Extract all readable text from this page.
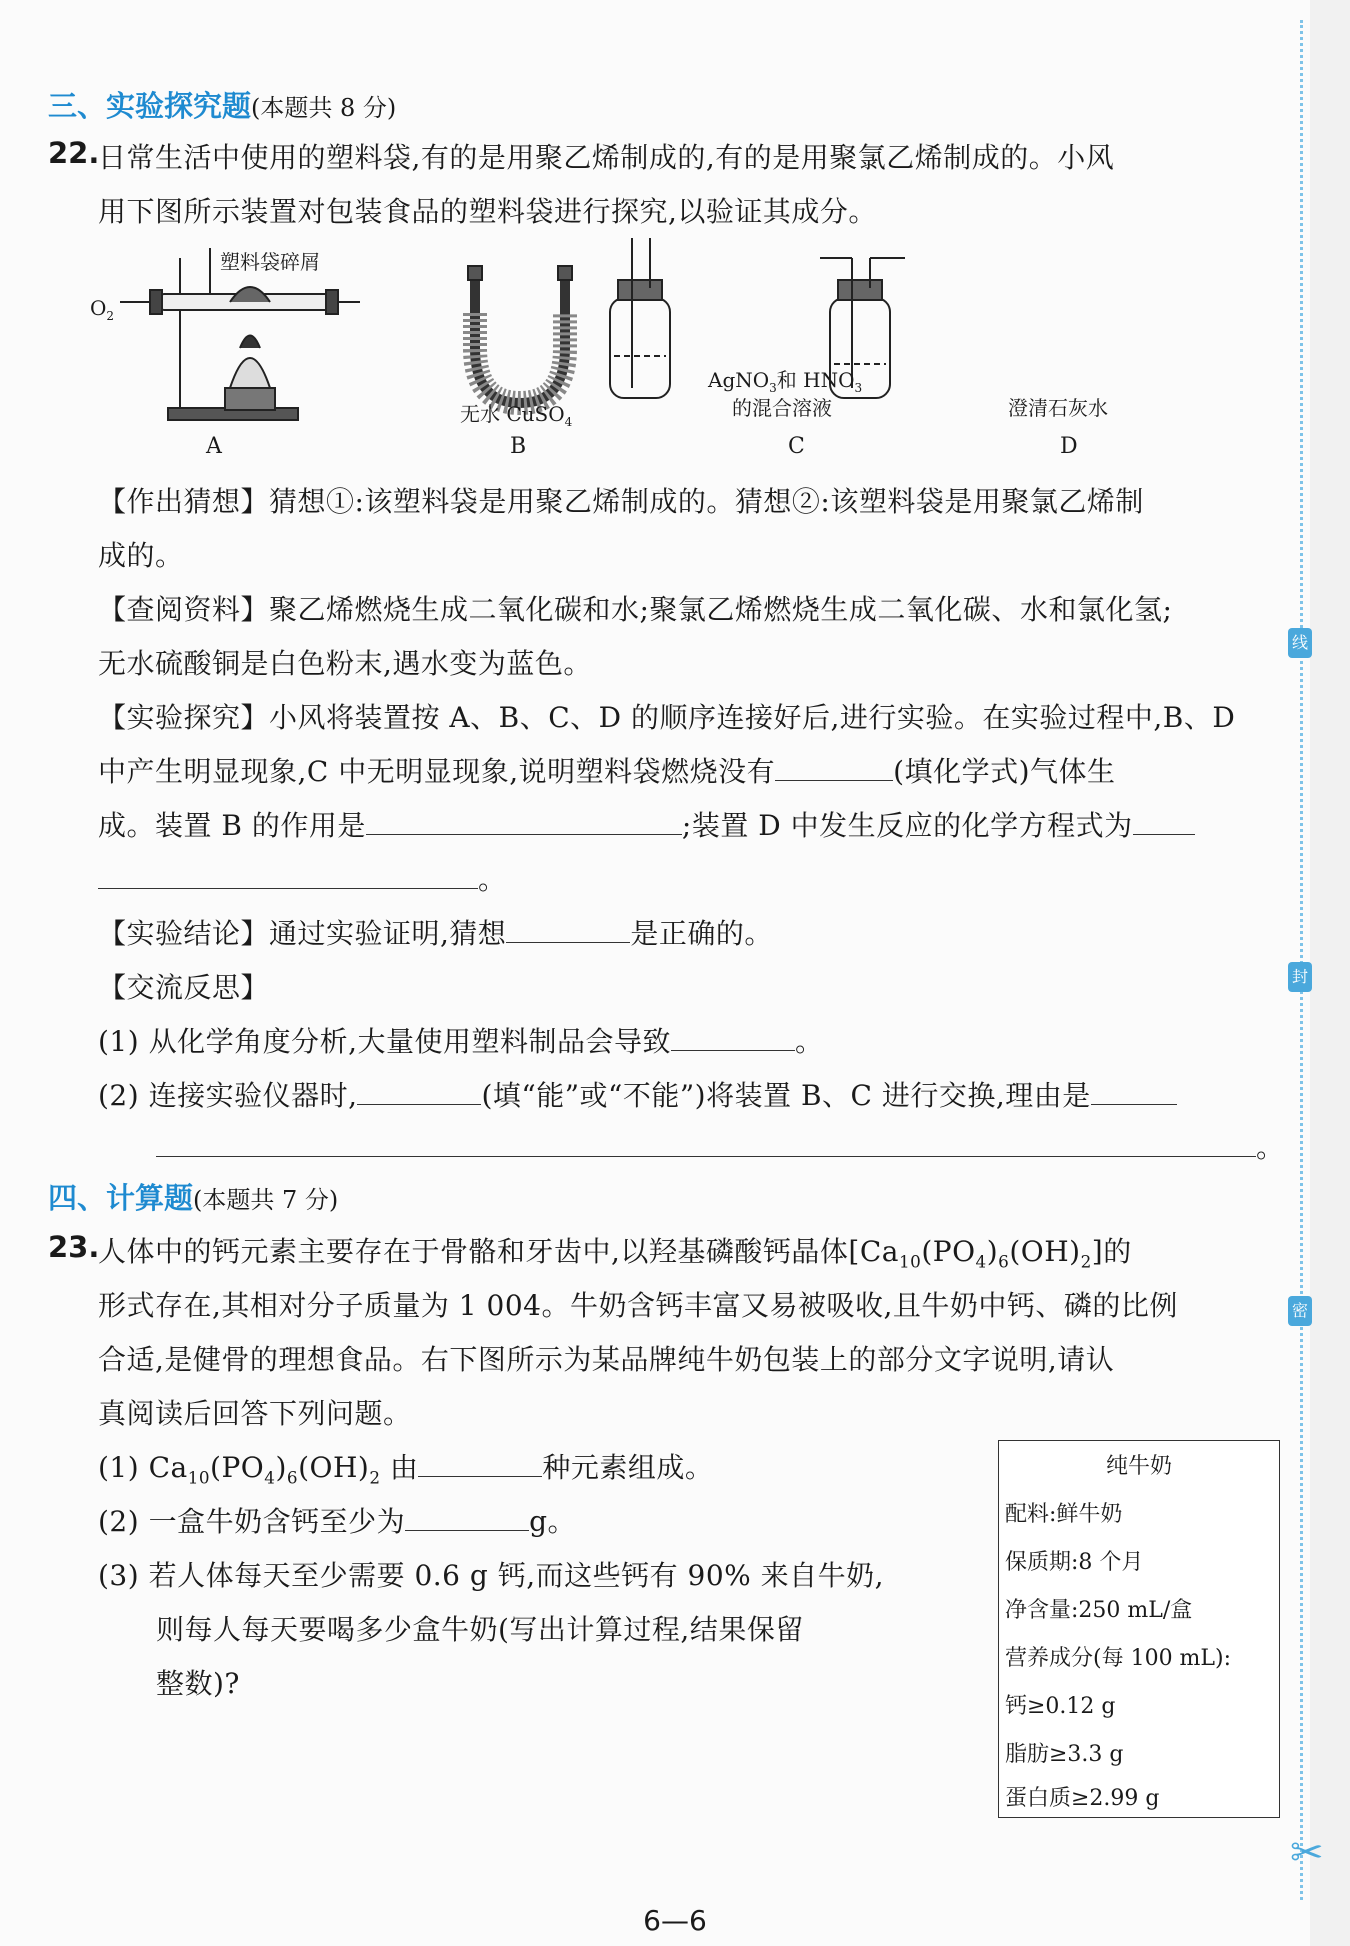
线
封
密
三、实验探究题(本题共 8 分)
22.
日常生活中使用的塑料袋,有的是用聚乙烯制成的,有的是用聚氯乙烯制成的。小风
用下图所示装置对包装食品的塑料袋进行探究,以验证其成分。
塑料袋碎屑
$O_2$
无水 CuSO$_4$
AgNO$_3$和 $HNO_3$
的混合溶液	澄清石灰水
A	B	C	D
【作出猜想】猜想①:该塑料袋是用聚乙烯制成的。猜想②:该塑料袋是用聚氯乙烯制
成的。
【查阅资料】聚乙烯燃烧生成二氧化碳和水;聚氯乙烯燃烧生成二氧化碳、水和氯化氢;
无水硫酸铜是白色粉末,遇水变为蓝色。
【实验探究】小风将装置按 A、B、C、D 的顺序连接好后,进行实验。在实验过程中,B、D
中产生明显现象,C 中无明显现象,说明塑料袋燃烧没有	(填化学式)气体生
成。装置 B 的作用是	;装置 D 中发生反应的化学方程式为
。
【实验结论】通过实验证明,猜想	是正确的。
【交流反思】
(1) 从化学角度分析,大量使用塑料制品会导致	。
(2) 连接实验仪器时,	(填“能”或“不能”)将装置 B、C 进行交换,理由是
。
四、计算题(本题共 7 分)
23.
人体中的钙元素主要存在于骨骼和牙齿中,以羟基磷酸钙晶体$[Ca_{10}(PO_4)_6(OH)_2]$的
形式存在,其相对分子质量为 1 004。牛奶含钙丰富又易被吸收,且牛奶中钙、磷的比例
合适,是健骨的理想食品。右下图所示为某品牌纯牛奶包装上的部分文字说明,请认
真阅读后回答下列问题。
(1) $Ca_{10}(PO_4)_6(OH)_2$ 由	种元素组成。
(2) 一盒牛奶含钙至少为	g。
(3) 若人体每天至少需要 0.6 g 钙,而这些钙有 90% 来自牛奶,
则每人每天要喝多少盒牛奶(写出计算过程,结果保留
整数)?
纯牛奶
配料:鲜牛奶
保质期:8 个月
净含量:250 mL/盒
营养成分(每 100 mL):
钙≥0.12 g
脂肪≥3.3 g
蛋白质≥2.99 g
6—6
✂
